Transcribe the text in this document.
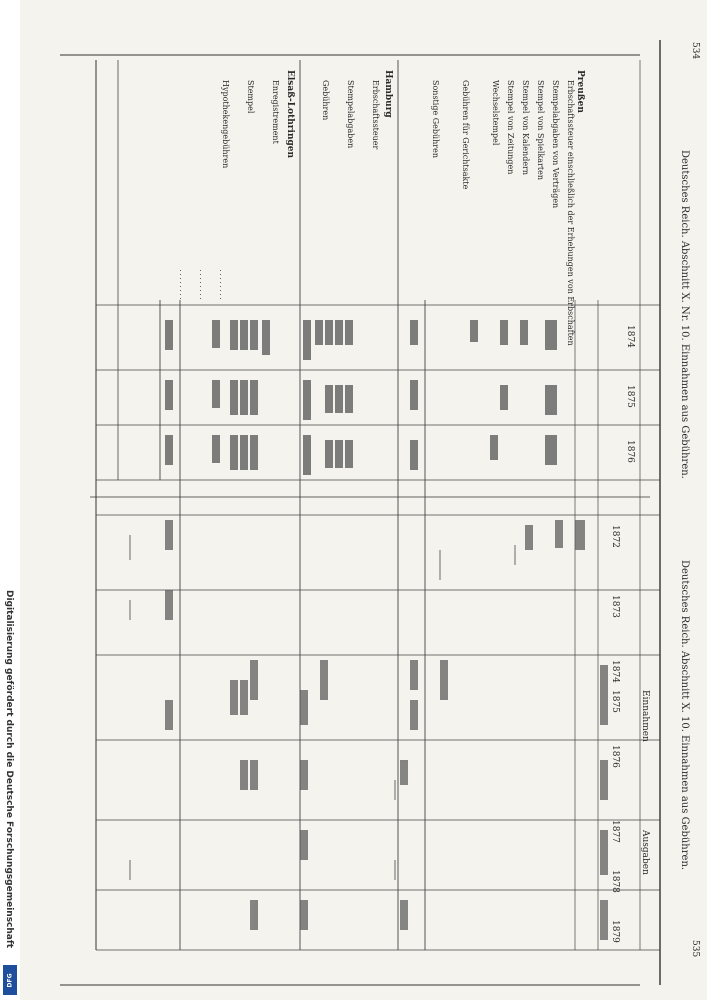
Digitalisierung gefördert durch die Deutsche Forschungsgemeinschaft
DFG
534
535
Deutsches Reich. Abschnitt X. Nr. 10. Einnahmen aus Gebühren.
Deutsches Reich. Abschnitt X. 10. Einnahmen aus Gebühren.
1874
1875
1876
1872
1873
1874
1875
1876
1877
1878
1879
Einnahmen
Ausgaben
Preußen
Hamburg
Elsaß-Lothringen	Erbschaftssteuer einschließlich der Erhebungen von Erbschaften
Stempelabgaben von Verträgen
Stempel von Spielkarten
Stempel von Kalendern
Stempel von Zeitungen
Wechselstempel
Gebühren für Gerichtsakte
Sonstige Gebühren
Erbschaftssteuer
Stempelabgaben
Gebühren
Enregistrement
Stempel
Hypothekengebühren
